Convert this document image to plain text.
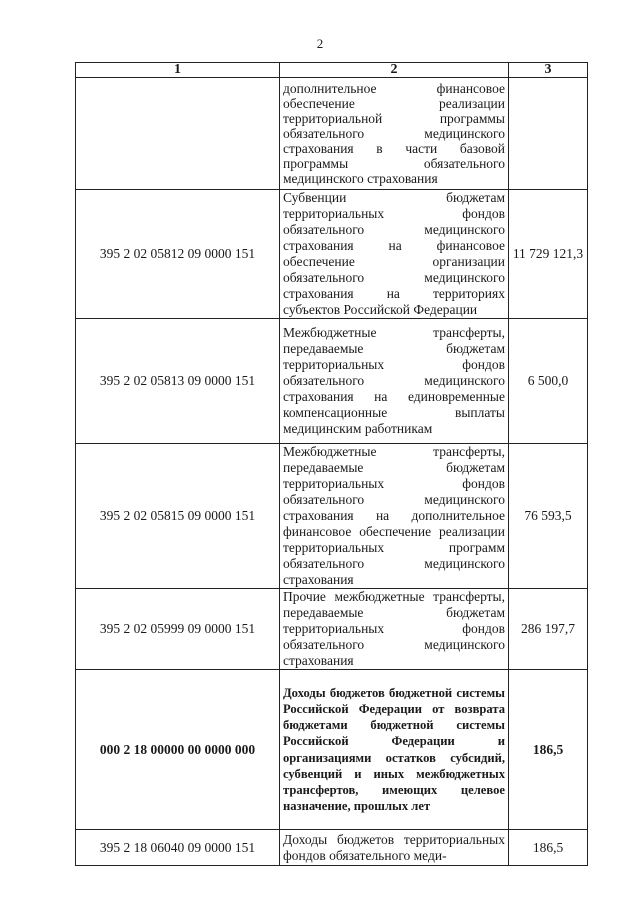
2
1	2	3
	дополнительное финансовое обеспечение реализации территориальной программы обязательного медицинского страхования в части базовой программы обязательного медицинского страхования	
395 2 02 05812 09 0000 151	Субвенции бюджетам территориальных фондов обязательного медицинского страхования на финансовое обеспечение организации обязательного медицинского страхования на территориях субъектов Российской Федерации	11 729 121,3
395 2 02 05813 09 0000 151	Межбюджетные трансферты, передаваемые бюджетам территориальных фондов обязательного медицинского страхования на единовременные компенсационные выплаты медицинским работникам	6 500,0
395 2 02 05815 09 0000 151	Межбюджетные трансферты, передаваемые бюджетам территориальных фондов обязательного медицинского страхования на дополнительное финансовое обеспечение реализации территориальных программ обязательного медицинского страхования	76 593,5
395 2 02 05999 09 0000 151	Прочие межбюджетные трансферты, передаваемые бюджетам территориальных фондов обязательного медицинского страхования	286 197,7
000 2 18 00000 00 0000 000	Доходы бюджетов бюджетной системы Российской Федерации от возврата бюджетами бюджетной системы Российской Федерации и организациями остатков субсидий, субвенций и иных межбюджетных трансфертов, имеющих целевое назначение, прошлых лет	186,5
395 2 18 06040 09 0000 151	Доходы бюджетов территориальных фондов обязательного меди-	186,5
